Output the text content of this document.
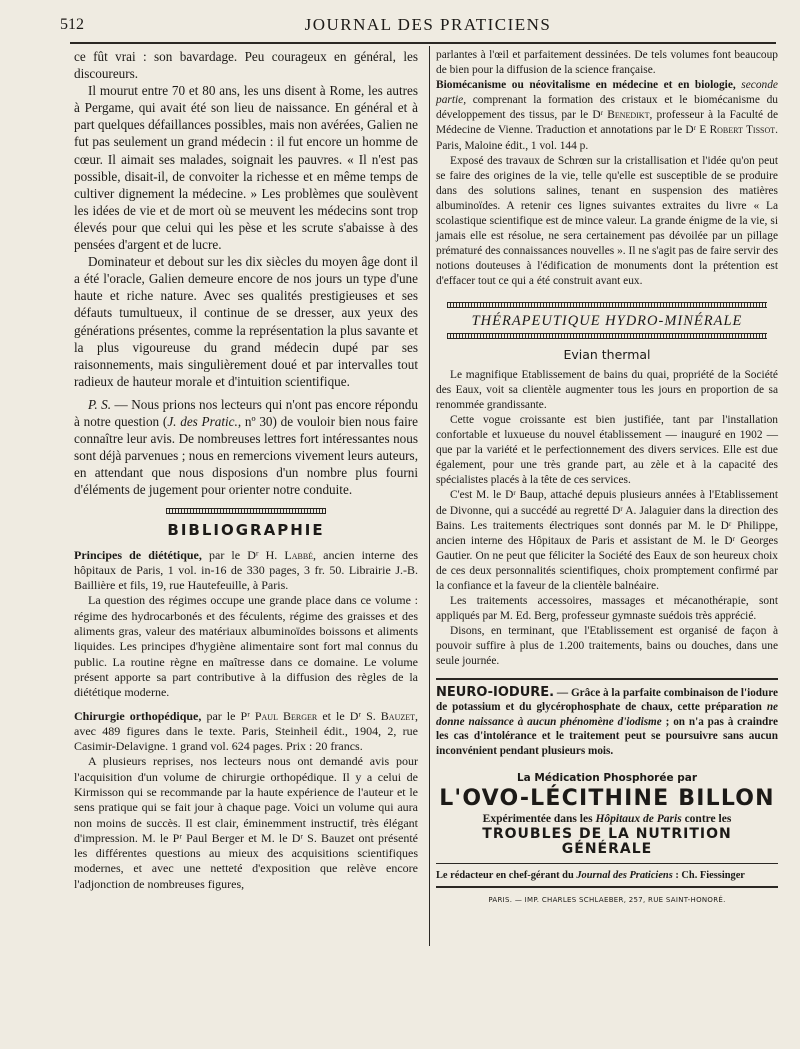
512	JOURNAL DES PRATICIENS

ce fût vrai : son bavardage. Peu courageux en général, les discoureurs.

Il mourut entre 70 et 80 ans, les uns disent à Rome, les autres à Pergame, qui avait été son lieu de naissance. En général et à part quelques défaillances possibles, mais non avérées, Galien ne fut pas seulement un grand médecin : il fut encore un homme de cœur. Il aimait ses malades, soignait les pauvres. « Il n'est pas possible, disait-il, de convoiter la richesse et en même temps de cultiver dignement la médecine. » Les problèmes que soulèvent les idées de vie et de mort où se meuvent les médecins sont trop élevés pour que celui qui les pèse et les scrute s'abaisse à des pensées d'argent et de lucre.

Dominateur et debout sur les dix siècles du moyen âge dont il a été l'oracle, Galien demeure encore de nos jours un type d'une haute et riche nature. Avec ses qualités prestigieuses et ses défauts tumultueux, il continue de se dresser, aux yeux des générations présentes, comme la représentation la plus savante et la plus vigoureuse du grand médecin dupé par ses raisonnements, mais singulièrement doué et par intervalles tout radieux de hauteur morale et d'intuition scientifique.

P. S. — Nous prions nos lecteurs qui n'ont pas encore répondu à notre question (J. des Pratic., nº 30) de vouloir bien nous faire connaître leur avis. De nombreuses lettres fort intéressantes nous sont déjà parvenues ; nous en remercions vivement leurs auteurs, en attendant que nous disposions d'un nombre plus fourni d'éléments de jugement pour orienter notre conduite.

BIBLIOGRAPHIE

Principes de diététique, par le Dʳ H. Labbé, ancien interne des hôpitaux de Paris, 1 vol. in-16 de 330 pages, 3 fr. 50. Librairie J.-B. Baillière et fils, 19, rue Hautefeuille, à Paris.

La question des régimes occupe une grande place dans ce volume : régime des hydrocarbonés et des féculents, régime des graisses et des aliments gras, valeur des matériaux albuminoïdes boissons et aliments liquides. Les principes d'hygiène alimentaire sont fort mal connus du public. La routine règne en maîtresse dans ce domaine. Le volume présent apporte sa part contributive à la diffusion des règles de la diététique moderne.

Chirurgie orthopédique, par le Pʳ Paul Berger et le Dʳ S. Bauzet, avec 489 figures dans le texte. Paris, Steinheil édit., 1904, 2, rue Casimir-Delavigne. 1 grand vol. 624 pages. Prix : 20 francs.

A plusieurs reprises, nos lecteurs nous ont demandé avis pour l'acquisition d'un volume de chirurgie orthopédique. Il y a celui de Kirmisson qui se recommande par la haute expérience de l'auteur et le sens pratique qui se fait jour à chaque page. Voici un volume qui aura non moins de succès. Il est clair, éminemment instructif, très élégant d'impression. M. le Pʳ Paul Berger et M. le Dʳ S. Bauzet ont présenté les différentes questions au mieux des acquisitions scientifiques modernes, et avec une netteté d'exposition que relève encore l'adjonction de nombreuses figures,

parlantes à l'œil et parfaitement dessinées. De tels volumes font beaucoup de bien pour la diffusion de la science française.

Biomécanisme ou néovitalisme en médecine et en biologie, seconde partie, comprenant la formation des cristaux et le biomécanisme du développement des tissus, par le Dʳ Benedikt, professeur à la Faculté de Médecine de Vienne. Traduction et annotations par le Dʳ E Robert Tissot. Paris, Maloine édit., 1 vol. 144 p.

Exposé des travaux de Schrœn sur la cristallisation et l'idée qu'on peut se faire des origines de la vie, telle qu'elle est susceptible de se produire dans des solutions salines, tenant en suspension des matières albuminoïdes. A retenir ces lignes suivantes extraites du livre « La scolastique scientifique est de mince valeur. La grande énigme de la vie, si jamais elle est résolue, ne sera certainement pas dévoilée par un pillage prématuré des connaissances nouvelles ». Il ne s'agit pas de faire servir des notions douteuses à l'édification de monuments dont la prétention est d'effacer tout ce qui a été construit avant eux.

THÉRAPEUTIQUE HYDRO-MINÉRALE
Evian thermal

Le magnifique Etablissement de bains du quai, propriété de la Société des Eaux, voit sa clientèle augmenter tous les jours en proportion de sa renommée grandissante.

Cette vogue croissante est bien justifiée, tant par l'installation confortable et luxueuse du nouvel établissement — inauguré en 1902 — que par la variété et le perfectionnement des divers services. Elle est due également, pour une très grande part, au zèle et à la capacité des spécialistes placés à la tête de ces services.

C'est M. le Dʳ Baup, attaché depuis plusieurs années à l'Etablissement de Divonne, qui a succédé au regretté Dʳ A. Jalaguier dans la direction des Bains. Les traitements électriques sont donnés par M. le Dʳ Philippe, ancien interne des Hôpitaux de Paris et assistant de M. le Dʳ Georges Gautier. On ne peut que féliciter la Société des Eaux de son heureux choix de ces deux personnalités scientifiques, choix promptement confirmé par la confiance et la faveur de la clientèle balnéaire.

Les traitements accessoires, massages et mécanothérapie, sont appliqués par M. Ed. Berg, professeur gymnaste suédois très apprécié.

Disons, en terminant, que l'Etablissement est organisé de façon à pouvoir suffire à plus de 1.200 traitements, bains ou douches, dans une seule journée.

NEURO-IODURE. — Grâce à la parfaite combinaison de l'iodure de potassium et du glycérophosphate de chaux, cette préparation ne donne naissance à aucun phénomène d'iodisme ; on n'a pas à craindre les cas d'intolérance et le traitement peut se poursuivre sans aucun inconvénient pendant plusieurs mois.

La Médication Phosphorée par
L'OVO-LÉCITHINE BILLON
Expérimentée dans les Hôpitaux de Paris contre les
TROUBLES DE LA NUTRITION GÉNÉRALE
Le rédacteur en chef-gérant du Journal des Praticiens : Ch. Fiessinger
PARIS. — IMP. CHARLES SCHLAEBER, 257, RUE SAINT-HONORÉ.
